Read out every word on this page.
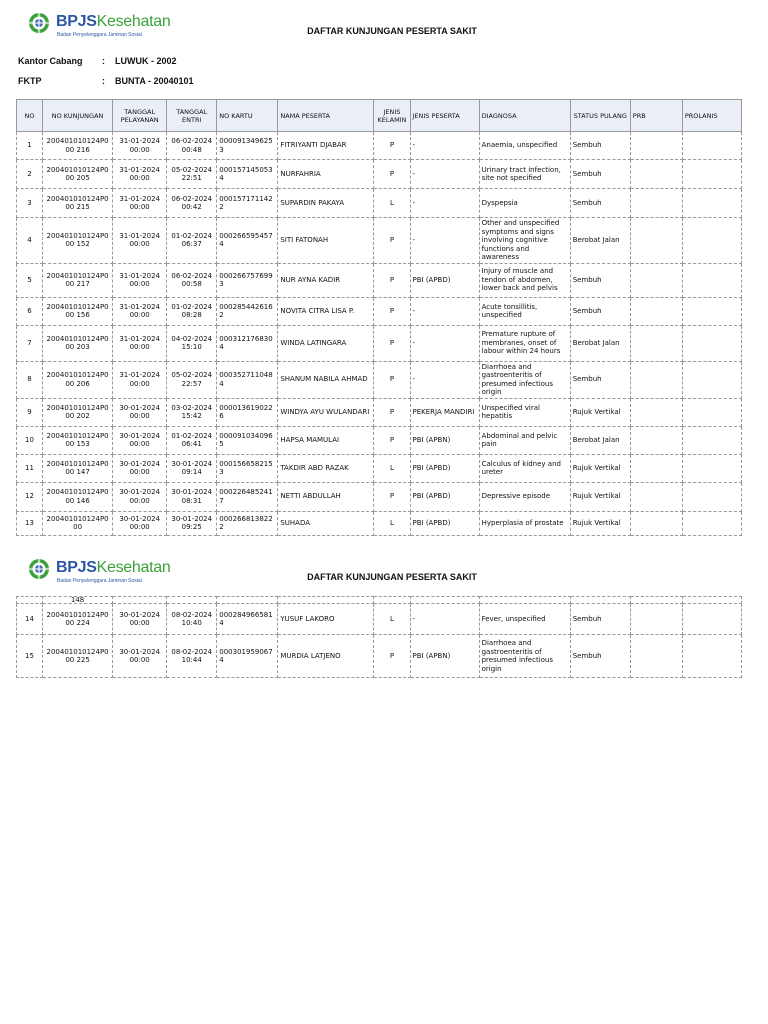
BPJSKesehatan
Badan Penyelenggara Jaminan Sosial	DAFTAR KUNJUNGAN PESERTA SAKIT
Kantor Cabang : LUWUK - 2002
FKTP	: BUNTA - 20040101
NO	NO KUNJUNGAN	TANGGAL PELAYANAN	TANGGAL ENTRI	NO KARTU	NAMA PESERTA	JENIS KELAMIN	JENIS PESERTA	DIAGNOSA	STATUS PULANG	PRB	PROLANIS
1	200401010124P0 00 216	31-01-2024 00:00	06-02-2024 00:48	000091349625 3	FITRIYANTI DJABAR	P	-	Anaemia, unspecified	Sembuh		
2	200401010124P0 00 205	31-01-2024 00:00	05-02-2024 22:51	000157145053 4	NURFAHRIA	P	-	Urinary tract infection, site not specified	Sembuh		
3	200401010124P0 00 215	31-01-2024 00:00	06-02-2024 00:42	000157171142 2	SUPARDIN PAKAYA	L	-	Dyspepsia	Sembuh		
4	200401010124P0 00 152	31-01-2024 00:00	01-02-2024 06:37	000266595457 4	SITI FATONAH	P	-	Other and unspecified symptoms and signs involving cognitive functions and awareness	Berobat Jalan		
5	200401010124P0 00 217	31-01-2024 00:00	06-02-2024 00:58	000266757699 3	NUR AYNA KADIR	P	PBI (APBD)	Injury of muscle and tendon of abdomen, lower back and pelvis	Sembuh		
6	200401010124P0 00 156	31-01-2024 00:00	01-02-2024 08:28	000285442616 2	NOVITA CITRA LISA P.	P	-	Acute tonsillitis, unspecified	Sembuh		
7	200401010124P0 00 203	31-01-2024 00:00	04-02-2024 15:10	000312176830 4	WINDA LATINGARA	P	-	Premature rupture of membranes, onset of labour within 24 hours	Berobat Jalan		
8	200401010124P0 00 206	31-01-2024 00:00	05-02-2024 22:57	000352711048 4	SHANUM NABILA AHMAD	P	-	Diarrhoea and gastroenteritis of presumed infectious origin	Sembuh		
9	200401010124P0 00 202	30-01-2024 00:00	03-02-2024 15:42	000013619022 6	WINDYA AYU WULANDARI	P	PEKERJA MANDIRI	Unspecified viral hepatitis	Rujuk Vertikal		
10	200401010124P0 00 153	30-01-2024 00:00	01-02-2024 06:41	000091034096 5	HAPSA MAMULAI	P	PBI (APBN)	Abdominal and pelvic pain	Berobat Jalan		
11	200401010124P0 00 147	30-01-2024 00:00	30-01-2024 09:14	000156658215 3	TAKDIR ABD RAZAK	L	PBI (APBD)	Calculus of kidney and ureter	Rujuk Vertikal		
12	200401010124P0 00 146	30-01-2024 00:00	30-01-2024 08:31	000226485241 7	NETTI ABDULLAH	P	PBI (APBD)	Depressive episode	Rujuk Vertikal		
13	200401010124P0 00	30-01-2024 00:00	30-01-2024 09:25	000266813822 2	SUHADA	L	PBI (APBD)	Hyperplasia of prostate	Rujuk Vertikal		
BPJSKesehatan
Badan Penyelenggara Jaminan Sosial	DAFTAR KUNJUNGAN PESERTA SAKIT
	148										
14	200401010124P0 00 224	30-01-2024 00:00	08-02-2024 10:40	000284966581 4	YUSUF LAKORO	L	-	Fever, unspecified	Sembuh		
15	200401010124P0 00 225	30-01-2024 00:00	08-02-2024 10:44	000301959067 4	MURDIA LATJENO	P	PBI (APBN)	Diarrhoea and gastroenteritis of presumed infectious origin	Sembuh		
